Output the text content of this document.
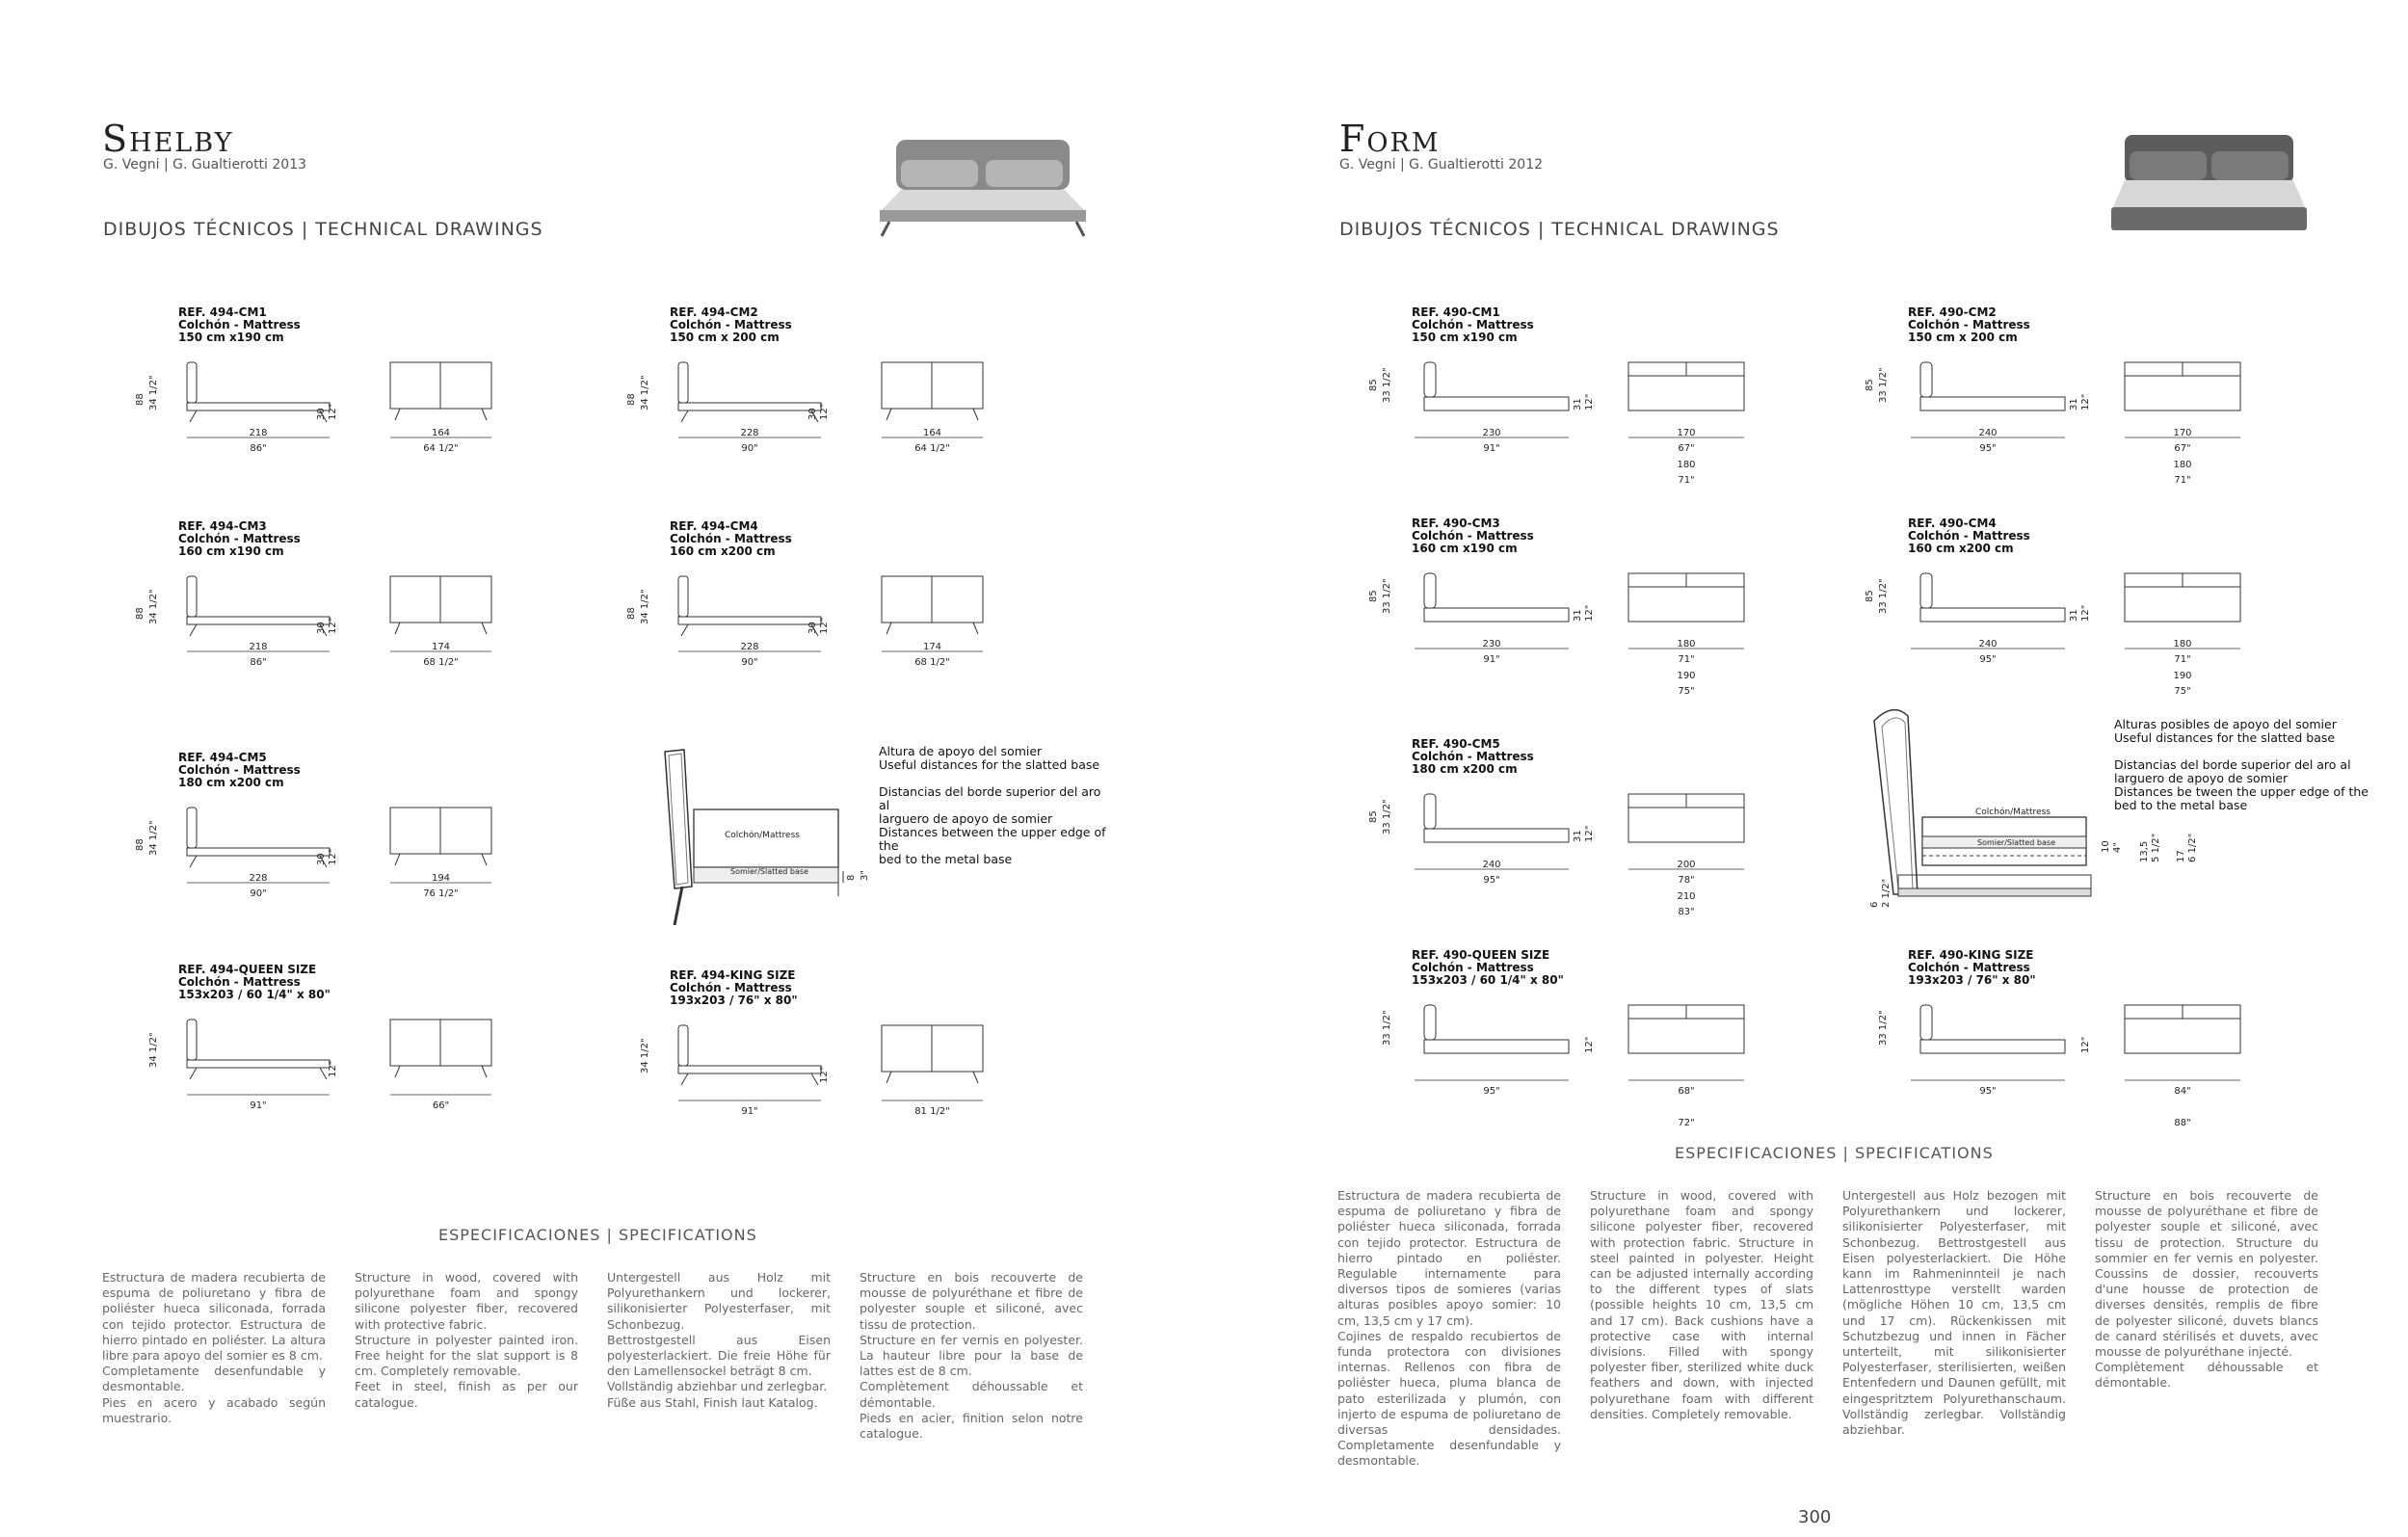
Shelby
G. Vegni | G. Gualtierotti 2013
DIBUJOS TÉCNICOS | TECHNICAL DRAWINGS
REF. 494-CM1
Colchón - Mattress
150 cm x190 cm
88 34 1/2"
30 12"
218
86"
164
64 1/2"
REF. 494-CM2
Colchón - Mattress
150 cm x 200 cm
88 34 1/2"
30 12"
228
90"
164
64 1/2"
REF. 494-CM3
Colchón - Mattress
160 cm x190 cm
88 34 1/2"
30 12"
218
86"
174
68 1/2"
REF. 494-CM4
Colchón - Mattress
160 cm x200 cm
88 34 1/2"
30 12"
228
90"
174
68 1/2"
REF. 494-CM5
Colchón - Mattress
180 cm x200 cm
88 34 1/2"
30 12"
228
90"
194
76 1/2"
REF. 494-QUEEN SIZE
Colchón - Mattress
153x203 / 60 1/4" x 80"
34 1/2"
12"
91"	66"
REF. 494-KING SIZE
Colchón - Mattress
193x203 / 76" x 80"
34 1/2"
12"
91"	81 1/2"
Colchón/Mattress
Somier/Slatted base
8 3"
Altura de apoyo del somier
Useful distances for the slatted base

Distancias del borde superior del aro al
larguero de apoyo de somier
Distances between the upper edge of the
bed to the metal base
ESPECIFICACIONES | SPECIFICATIONS
Estructura de madera recubierta de espuma de poliuretano y fibra de poliéster hueca siliconada, forrada con tejido protector. Estructura de hierro pintado en poliéster. La altura libre para apoyo del somier es 8 cm.
Completamente desenfundable y desmontable.
Pies en acero y acabado según muestrario.
Structure in wood, covered with polyurethane foam and spongy silicone polyester fiber, recovered with protective fabric.
Structure in polyester painted iron. Free height for the slat support is 8 cm. Completely removable.
Feet in steel, finish as per our catalogue.
Untergestell aus Holz mit Polyurethankern und lockerer, silikonisierter Polyesterfaser, mit Schonbezug.
Bettrostgestell aus Eisen polyesterlackiert. Die freie Höhe für den Lamellensockel beträgt 8 cm.
Vollständig abziehbar und zerlegbar.
Füße aus Stahl, Finish laut Katalog.
Structure en bois recouverte de mousse de polyuréthane et fibre de polyester souple et siliconé, avec tissu de protection.
Structure en fer vernis en polyester. La hauteur libre pour la base de lattes est de 8 cm.
Complètement déhoussable et démontable.
Pieds en acier, finition selon notre catalogue.
Form
G. Vegni | G. Gualtierotti 2012
DIBUJOS TÉCNICOS | TECHNICAL DRAWINGS
REF. 490-CM1
Colchón - Mattress
150 cm x190 cm
85 33 1/2"
31 12"
230
91"
170
67"
180
71"
REF. 490-CM2
Colchón - Mattress
150 cm x 200 cm
85 33 1/2"
31 12"
240
95"
170
67"
180
71"
REF. 490-CM3
Colchón - Mattress
160 cm x190 cm
85 33 1/2"
31 12"
230
91"
180
71"
190
75"
REF. 490-CM4
Colchón - Mattress
160 cm x200 cm
85 33 1/2"
31 12"
240
95"
180
71"
190
75"
REF. 490-CM5
Colchón - Mattress
180 cm x200 cm
85 33 1/2"
31 12"
240
95"
200
78"
210
83"
REF. 490-QUEEN SIZE
Colchón - Mattress
153x203 / 60 1/4" x 80"
33 1/2"	12"
95"	68"
72"
REF. 490-KING SIZE
Colchón - Mattress
193x203 / 76" x 80"
33 1/2"	12"
95"	84"
88"
Colchón/Mattress
Somier/Slatted base	10 4" 13,5 5 1/2" 17 6 1/2"
6 2 1/2"
Alturas posibles de apoyo del somier
Useful distances for the slatted base

Distancias del borde superior del aro al
larguero de apoyo de somier
Distances be tween the upper edge of the
bed to the metal base
ESPECIFICACIONES | SPECIFICATIONS
Estructura de madera recubierta de espuma de poliuretano y fibra de poliéster hueca siliconada, forrada con tejido protector. Estructura de hierro pintado en poliéster. Regulable internamente para diversos tipos de somieres (varias alturas posibles apoyo somier: 10 cm, 13,5 cm y 17 cm).
Cojines de respaldo recubiertos de funda protectora con divisiones internas. Rellenos con fibra de poliéster hueca, pluma blanca de pato esterilizada y plumón, con injerto de espuma de poliuretano de diversas densidades. Completamente desenfundable y desmontable.
Structure in wood, covered with polyurethane foam and spongy silicone polyester fiber, recovered with protection fabric. Structure in steel painted in polyester. Height can be adjusted internally according to the different types of slats (possible heights 10 cm, 13,5 cm and 17 cm). Back cushions have a protective case with internal divisions. Filled with spongy polyester fiber, sterilized white duck feathers and down, with injected polyurethane foam with different densities. Completely removable.
Untergestell aus Holz bezogen mit Polyurethankern und lockerer, silikonisierter Polyesterfaser, mit Schonbezug. Bettrostgestell aus Eisen polyesterlackiert. Die Höhe kann im Rahmeninnteil je nach Lattenrosttype verstellt warden (mögliche Höhen 10 cm, 13,5 cm und 17 cm). Rückenkissen mit Schutzbezug und innen in Fächer unterteilt, mit silikonisierter Polyesterfaser, sterilisierten, weißen Entenfedern und Daunen gefüllt, mit eingespritztem Polyurethanschaum. Vollständig zerlegbar. Vollständig abziehbar.
Structure en bois recouverte de mousse de polyuréthane et fibre de polyester souple et siliconé, avec tissu de protection. Structure du sommier en fer vernis en polyester. Coussins de dossier, recouverts d'une housse de protection de diverses densités, remplis de fibre de polyester siliconé, duvets blancs de canard stérilisés et duvets, avec mousse de polyuréthane injecté.
Complètement déhoussable et démontable.
300
